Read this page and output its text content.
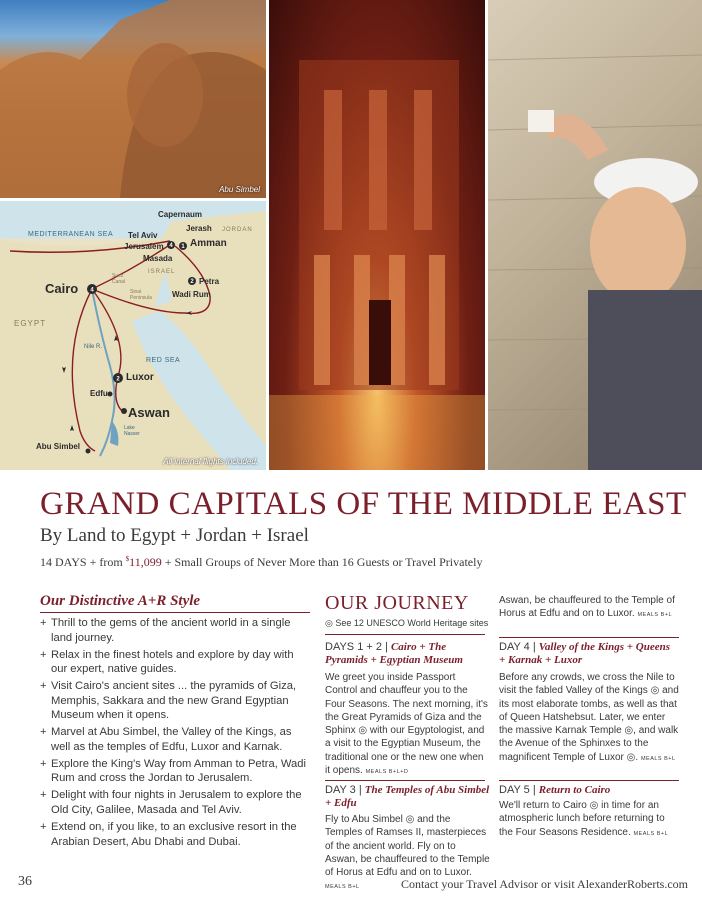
Abu Simbel
4
2
4 1
2
MEDITERRANEAN SEA
RED SEA
EGYPT
JORDAN
ISRAEL
Suez Canal
Sinai Peninsula
Nile R.
Lake Nasser
Capernaum
Tel Aviv
Jerash
Jerusalem	Amman
Masada
Petra
Wadi Rum
Cairo
Luxor
Edfu
Aswan
Abu Simbel
All internal flights included.
GRAND CAPITALS OF THE MIDDLE EAST
By Land to Egypt + Jordan + Israel
14 DAYS + from $11,099 + Small Groups of Never More than 16 Guests or Travel Privately
Our Distinctive A+R Style
+ Thrill to the gems of the ancient world in a single land journey.
+ Relax in the finest hotels and explore by day with our expert, native guides.
+ Visit Cairo's ancient sites ... the pyramids of Giza, Memphis, Sakkara and the new Grand Egyptian Museum when it opens.
+ Marvel at Abu Simbel, the Valley of the Kings, as well as the temples of Edfu, Luxor and Karnak.
+ Explore the King's Way from Amman to Petra, Wadi Rum and cross the Jordan to Jerusalem.
+ Delight with four nights in Jerusalem to explore the Old City, Galilee, Masada and Tel Aviv.
+ Extend on, if you like, to an exclusive resort in the Arabian Desert, Abu Dhabi and Dubai.
OUR JOURNEY
◎ See 12 UNESCO World Heritage sites
DAYS 1 + 2 | Cairo + The Pyramids + Egyptian Museum
We greet you inside Passport Control and chauffeur you to the Four Seasons. The next morning, it's the Great Pyramids of Giza and the Sphinx ◎ with our Egyptologist, and a visit to the Egyptian Museum, the traditional one or the new one when it opens. MEALS B+L+D
DAY 3 | The Temples of Abu Simbel + Edfu
Fly to Abu Simbel ◎ and the Temples of Ramses II, masterpieces of the ancient world. Fly on to Aswan, be chauffeured to the Temple of Horus at Edfu and on to Luxor. MEALS B+L
Aswan, be chauffeured to the Temple of Horus at Edfu and on to Luxor. MEALS B+L
DAY 4 | Valley of the Kings + Queens + Karnak + Luxor
Before any crowds, we cross the Nile to visit the fabled Valley of the Kings ◎ and its most elaborate tombs, as well as that of Queen Hatshebsut. Later, we enter the massive Karnak Temple ◎, and walk the Avenue of the Sphinxes to the magnificent Temple of Luxor ◎. MEALS B+L
DAY 5 | Return to Cairo
We'll return to Cairo ◎ in time for an atmospheric lunch before returning to the Four Seasons Residence. MEALS B+L
36	Contact your Travel Advisor or visit AlexanderRoberts.com
